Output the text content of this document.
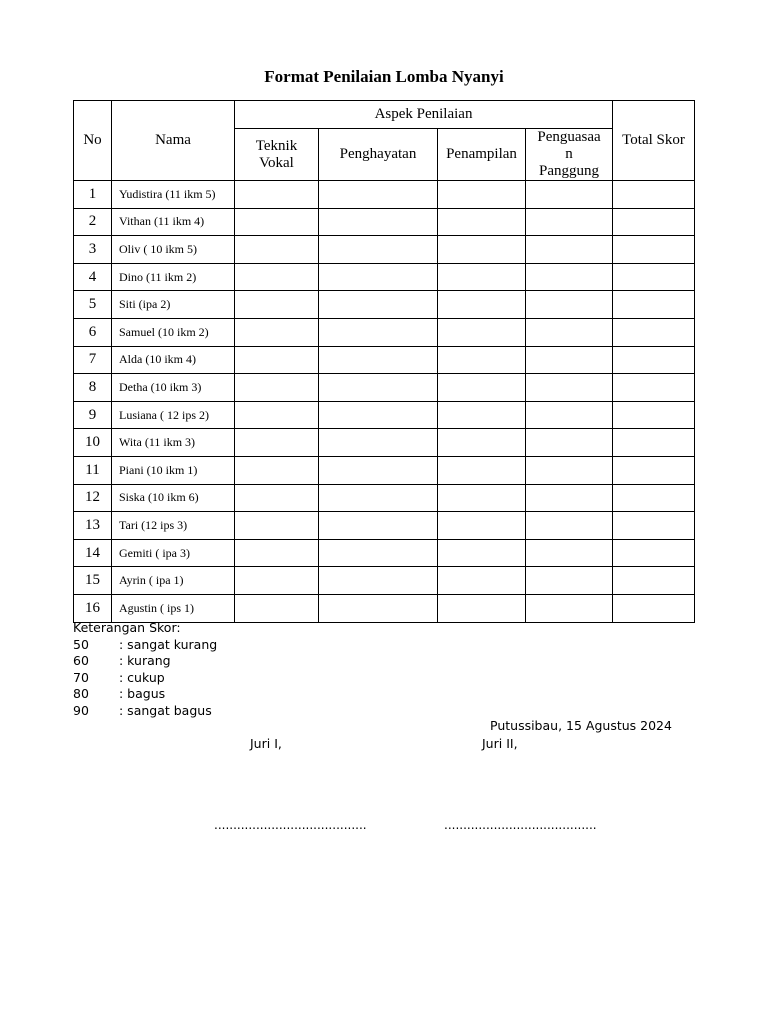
Format Penilaian Lomba Nyanyi
No	Nama	Aspek Penilaian				Total Skor
		Teknik Vokal	Penghayatan	Penampilan	Penguasaa
n
Panggung	

1	Yudistira (11 ikm 5)					
2	Vithan (11 ikm 4)					
3	Oliv ( 10 ikm 5)					
4	Dino (11 ikm 2)					
5	Siti (ipa 2)					
6	Samuel (10 ikm 2)					
7	Alda (10 ikm 4)					
8	Detha (10 ikm 3)					
9	Lusiana ( 12 ips 2)					
10	Wita (11 ikm 3)					
11	Piani (10 ikm 1)					
12	Siska (10 ikm 6)					
13	Tari (12 ips 3)					
14	Gemiti ( ipa 3)					
15	Ayrin ( ipa 1)					
16	Agustin ( ips 1)					
Keterangan Skor:
50	: sangat kurang
60	: kurang
70	: cukup
80	: bagus
90	: sangat bagus
Putussibau, 15 Agustus 2024
Juri I,	Juri II,
........................................	........................................
